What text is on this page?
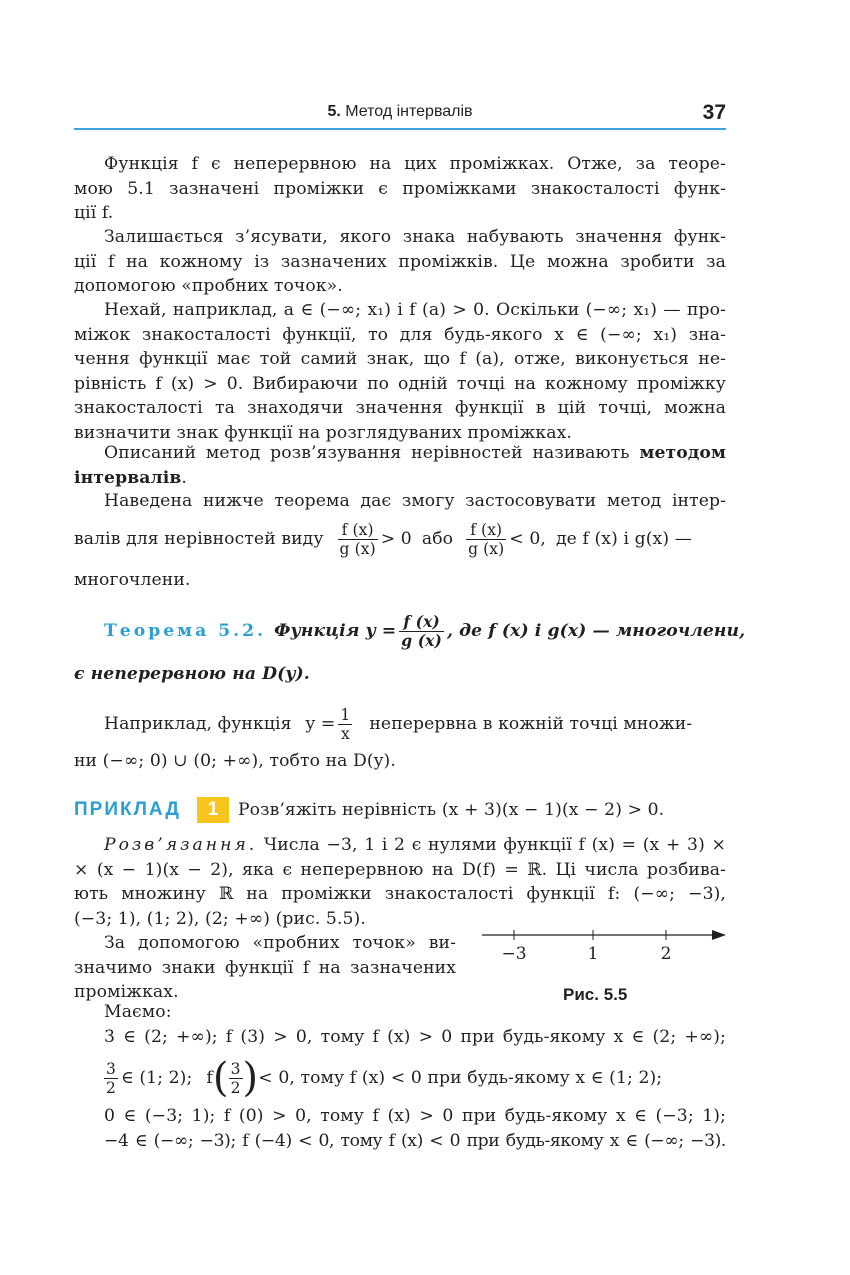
5. Метод інтервалів	37
Функція f є неперервною на цих проміжках. Отже, за теоре-
мою 5.1 зазначені проміжки є проміжками знакосталості функ-
ції f.
Залишається з’ясувати, якого знака набувають значення функ-
ції f на кожному із зазначених проміжків. Це можна зробити за
допомогою «пробних точок».
Нехай, наприклад, a ∈ (−∞; x₁) і f (a) > 0. Оскільки (−∞; x₁) — про-
міжок знакосталості функції, то для будь-якого x ∈ (−∞; x₁) зна-
чення функції має той самий знак, що f (a), отже, виконується не-
рівність f (x) > 0. Вибираючи по одній точці на кожному проміжку
знакосталості та знаходячи значення функції в цій точці, можна
визначити знак функції на розглядуваних проміжках.
Описаний метод розв’язування нерівностей називають методом
інтервалів.
Наведена нижче теорема дає змогу застосовувати метод інтер-
валів для нерівностей виду $\frac{f (x)}{g (x)} > 0$ або $\frac{f (x)}{g (x)} < 0$, де f (x) і g(x) —
многочлени.
Теорема 5.2. Функція $y = \frac{f (x)}{g (x)}$ , де f (x) і g(x) — многочлени,
є неперервною на D(y).
Наприклад, функція $y = \frac{1}{x}$ неперервна в кожній точці множи-
ни (−∞; 0) ∪ (0; +∞), тобто на D(y).
ПРИКЛАД	1	Розв’яжіть нерівність (x + 3)(x − 1)(x − 2) > 0.
Розв’язання. Числа −3, 1 і 2 є нулями функції f (x) = (x + 3) ×
× (x − 1)(x − 2), яка є неперервною на D(f) = ℝ. Ці числа розбива-
ють множину ℝ на проміжки знакосталості функції f: (−∞; −3),
(−3; 1), (1; 2), (2; +∞) (рис. 5.5).
За допомогою «пробних точок» ви-
значимо знаки функції f на зазначених
проміжках.
−3	1	2
Рис. 5.5
Маємо:
3 ∈ (2; +∞); f (3) > 0, тому f (x) > 0 при будь-якому x ∈ (2; +∞);
$\frac{3}{2}$ ∈ (1; 2); f ( $\frac{3}{2}$ ) < 0, тому f (x) < 0 при будь-якому x ∈ (1; 2);
0 ∈ (−3; 1); f (0) > 0, тому f (x) > 0 при будь-якому x ∈ (−3; 1);
−4 ∈ (−∞; −3); f (−4) < 0, тому f (x) < 0 при будь-якому x ∈ (−∞; −3).
